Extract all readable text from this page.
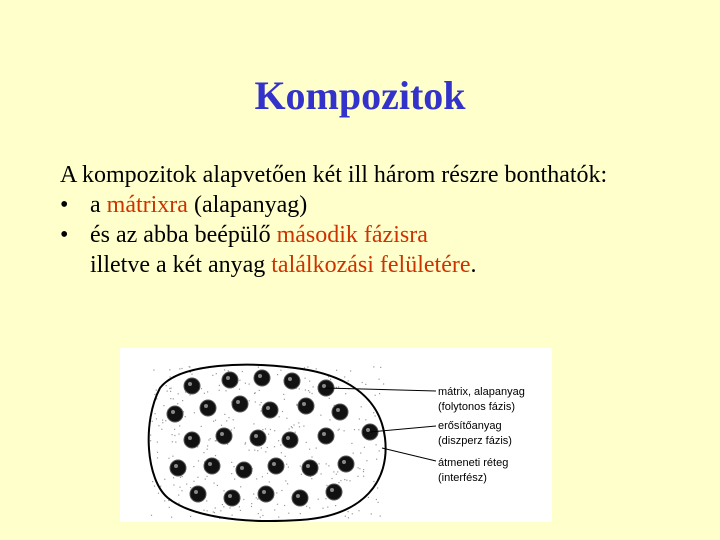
Kompozitok

A kompozitok alapvetően két ill három részre bonthatók:

• a mátrixra (alapanyag)

• és az abba beépülő második fázisra

illetve a két anyag találkozási felületére.

mátrix, alapanyag
(folytonos fázis)
erősítőanyag
(diszperz fázis)
átmeneti réteg
(interfész)
